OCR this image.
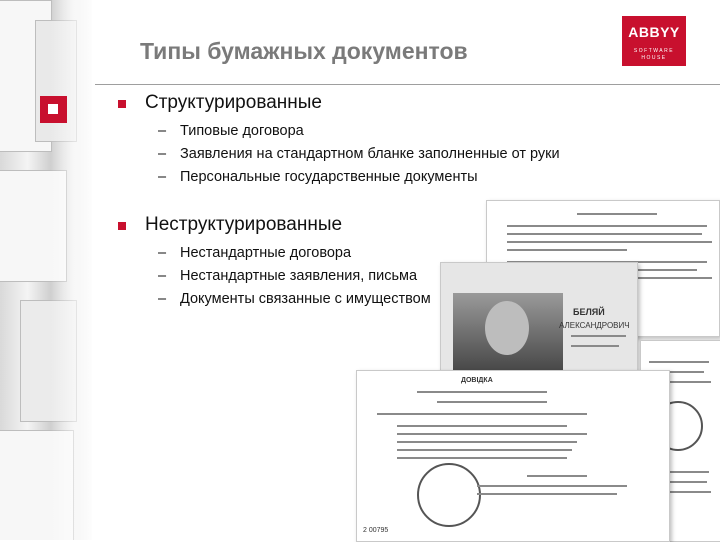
Типы бумажных документов
ABBYY
SOFTWARE
HOUSE
БЕЛЯЙ
АЛЕКСАНДРОВИЧ
ДОВІДКА
2 00795
Структурированные
– Типовые договора
– Заявления на стандартном бланке заполненные от руки
– Персональные государственные документы
Неструктурированные
– Нестандартные договора
– Нестандартные заявления, письма
– Документы связанные с имуществом
